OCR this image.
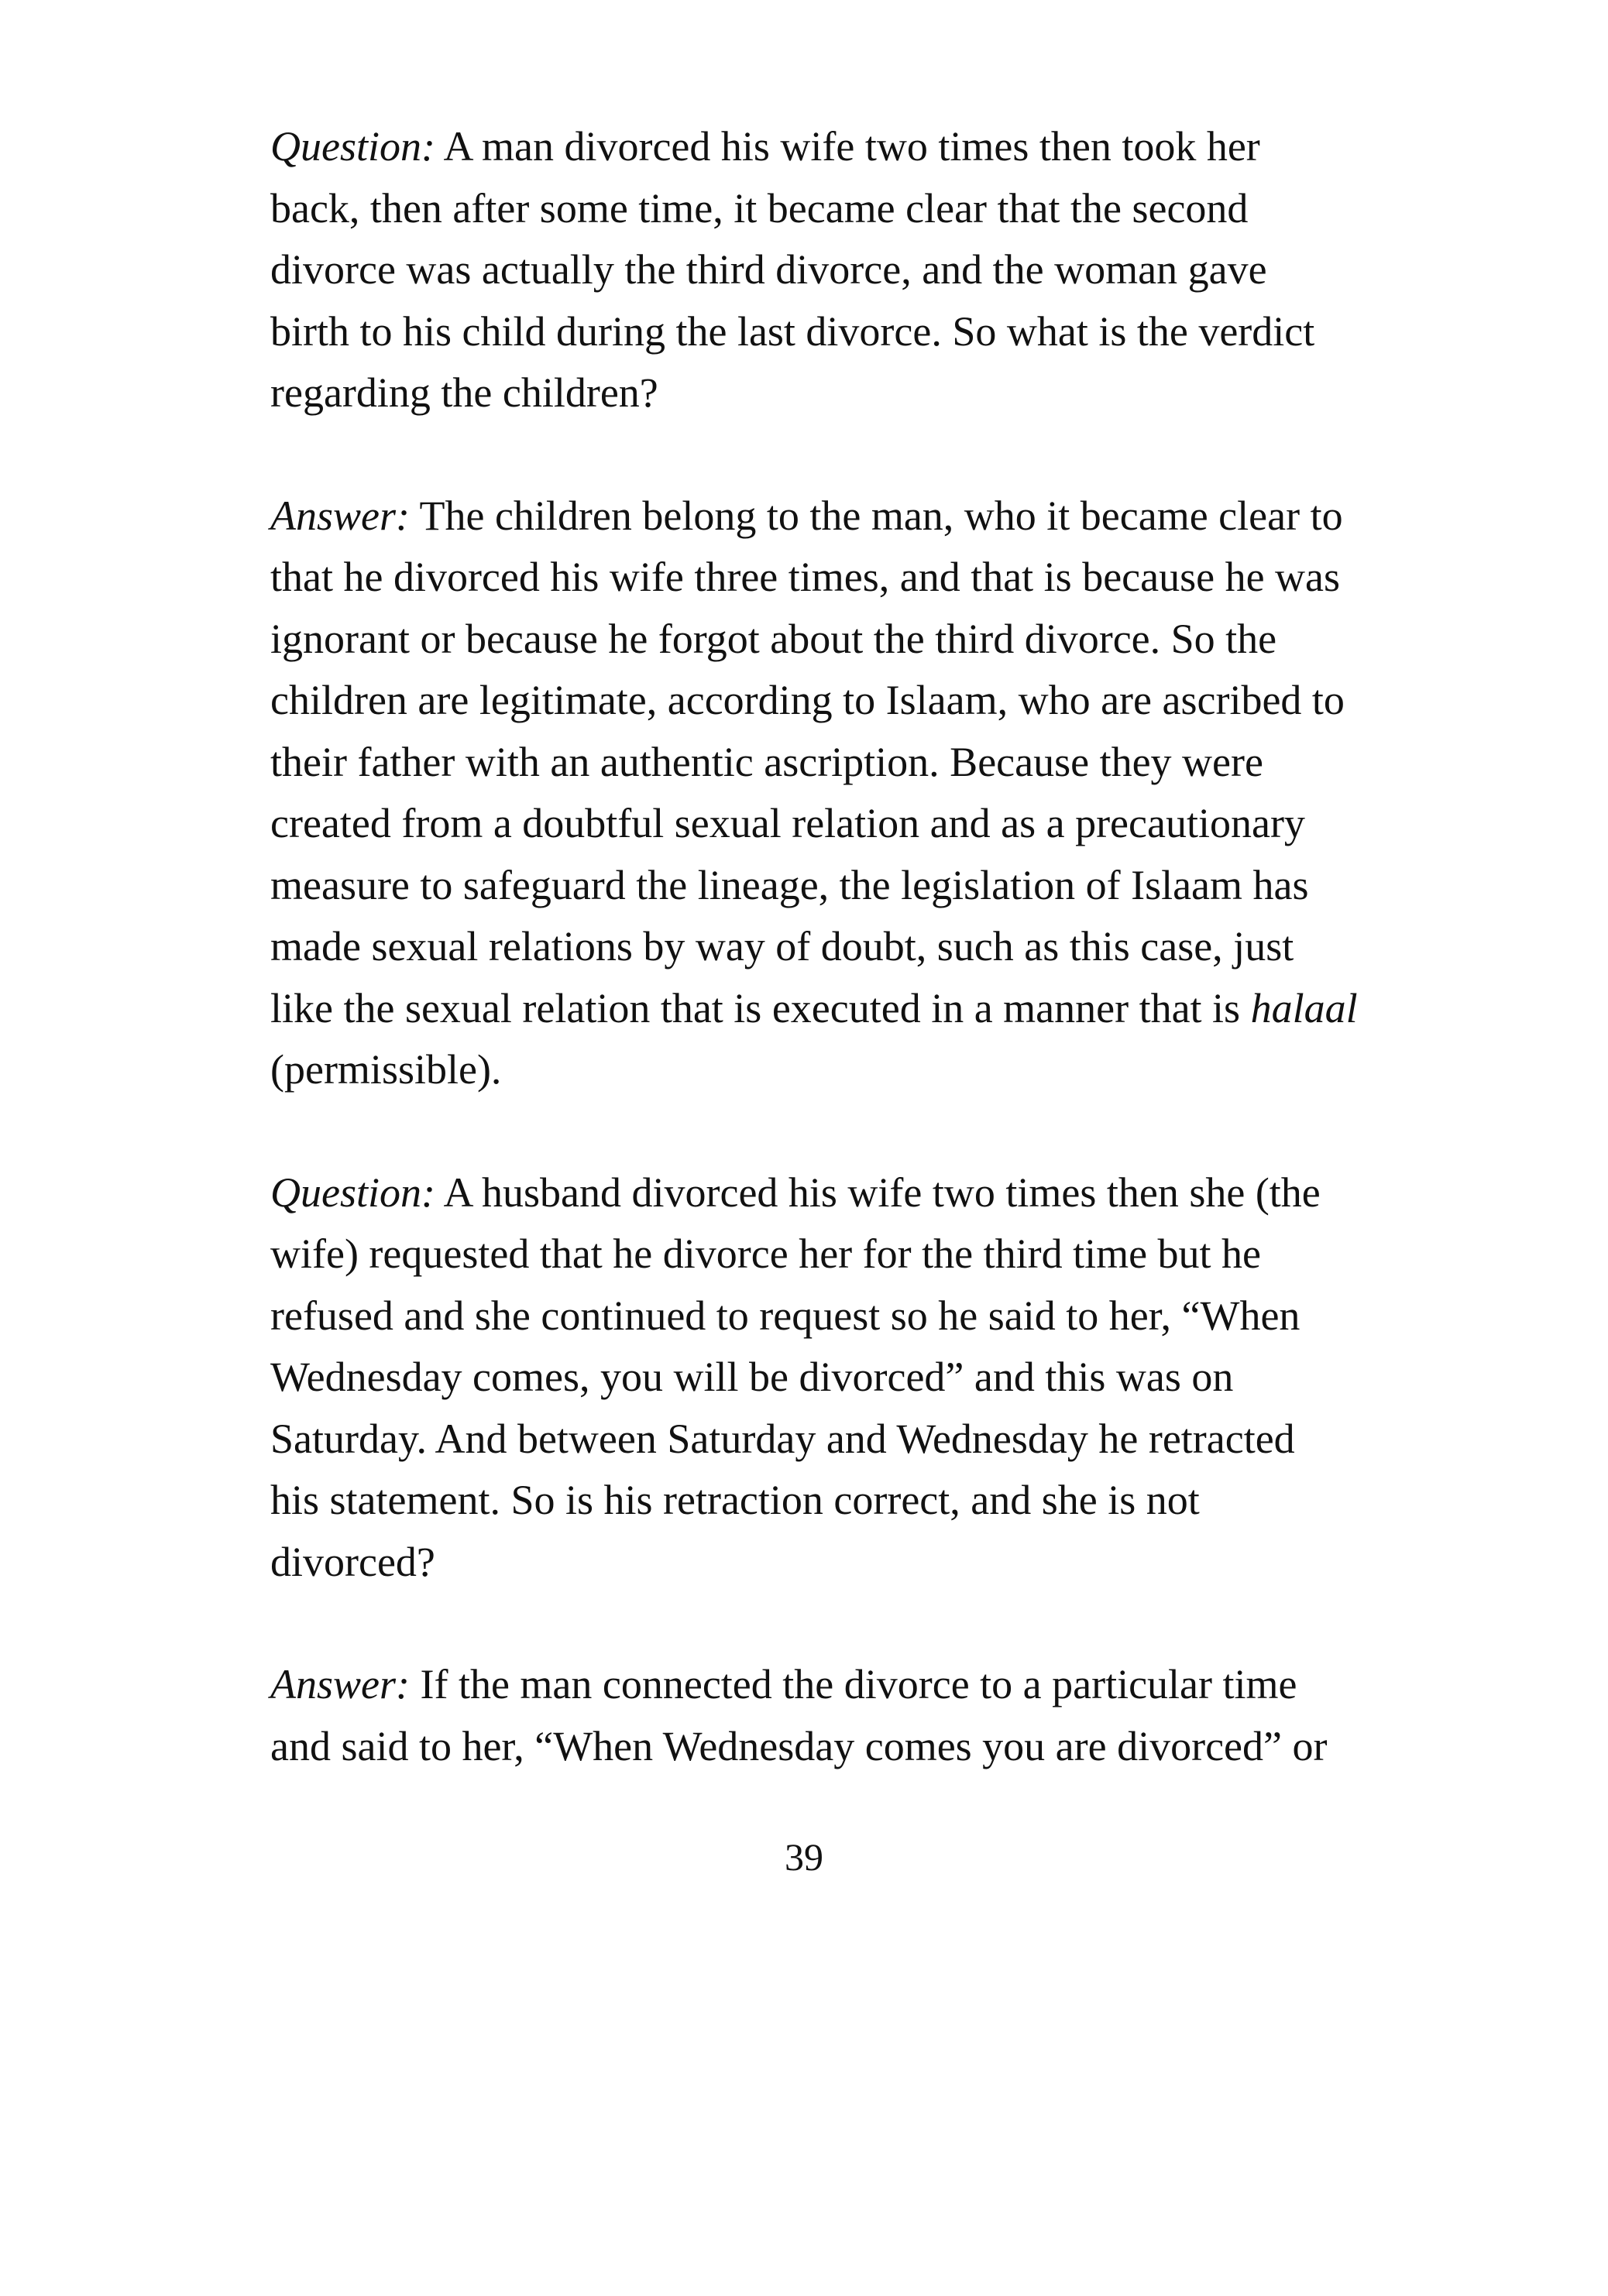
Question: A man divorced his wife two times then took her
back, then after some time, it became clear that the second
divorce was actually the third divorce, and the woman gave
birth to his child during the last divorce. So what is the verdict
regarding the children?

Answer: The children belong to the man, who it became clear to
that he divorced his wife three times, and that is because he was
ignorant or because he forgot about the third divorce. So the
children are legitimate, according to Islaam, who are ascribed to
their father with an authentic ascription. Because they were
created from a doubtful sexual relation and as a precautionary
measure to safeguard the lineage, the legislation of Islaam has
made sexual relations by way of doubt, such as this case, just
like the sexual relation that is executed in a manner that is halaal
(permissible).

Question: A husband divorced his wife two times then she (the
wife) requested that he divorce her for the third time but he
refused and she continued to request so he said to her, “When
Wednesday comes, you will be divorced” and this was on
Saturday. And between Saturday and Wednesday he retracted
his statement. So is his retraction correct, and she is not
divorced?

Answer: If the man connected the divorce to a particular time
and said to her, “When Wednesday comes you are divorced” or

39
